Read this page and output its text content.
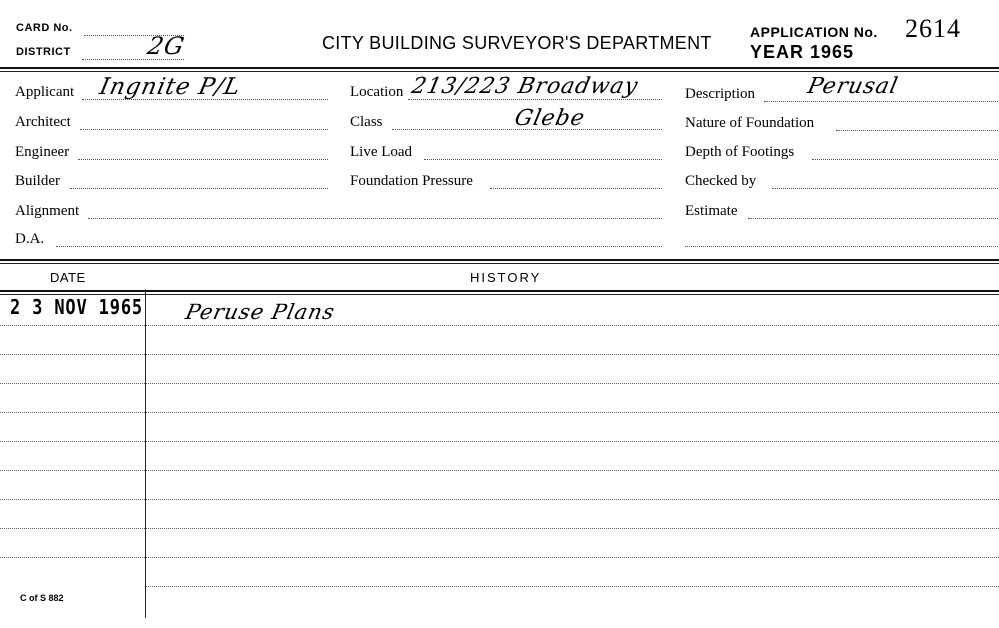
CARD No.
DISTRICT	2G	CITY BUILDING SURVEYOR'S DEPARTMENT
APPLICATION No. 2614
YEAR 1965
Applicant Ingnite P/L
Architect
Engineer
Builder
Alignment
D.A.
Location 213/223 Broadway
Class	Glebe
Live Load
Foundation Pressure
Description Perusal
Nature of Foundation
Depth of Footings
Checked by
Estimate
DATE	HISTORY
2 3 NOV 1965 Peruse Plans
C of S 882
